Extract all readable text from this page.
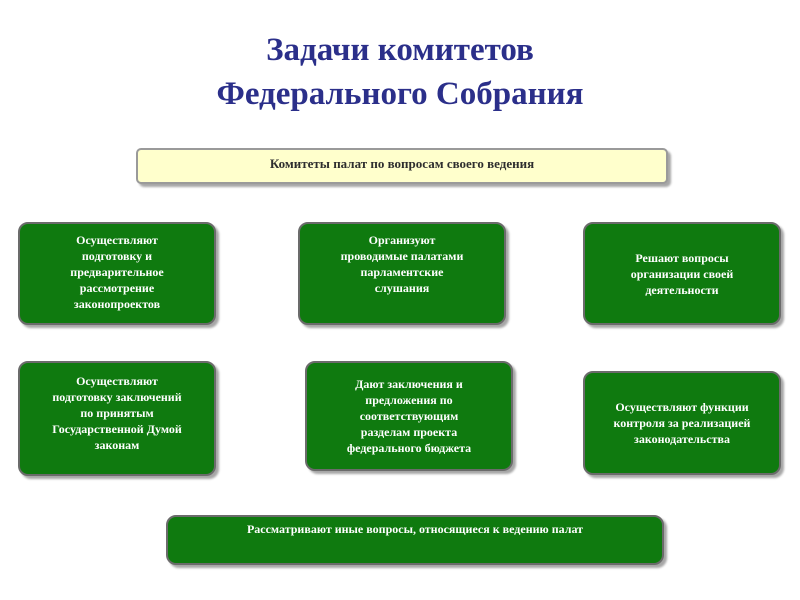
Задачи комитетов
Федерального Собрания
Комитеты палат по вопросам своего ведения
Осуществляют
подготовку и
предварительное
рассмотрение
законопроектов
Организуют
проводимые палатами
парламентские
слушания
Решают вопросы
организации своей
деятельности
Осуществляют
подготовку заключений
по принятым
Государственной Думой
законам
Дают заключения и
предложения по
соответствующим
разделам проекта
федерального бюджета
Осуществляют функции
контроля за реализацией
законодательства
Рассматривают иные вопросы, относящиеся к ведению палат
